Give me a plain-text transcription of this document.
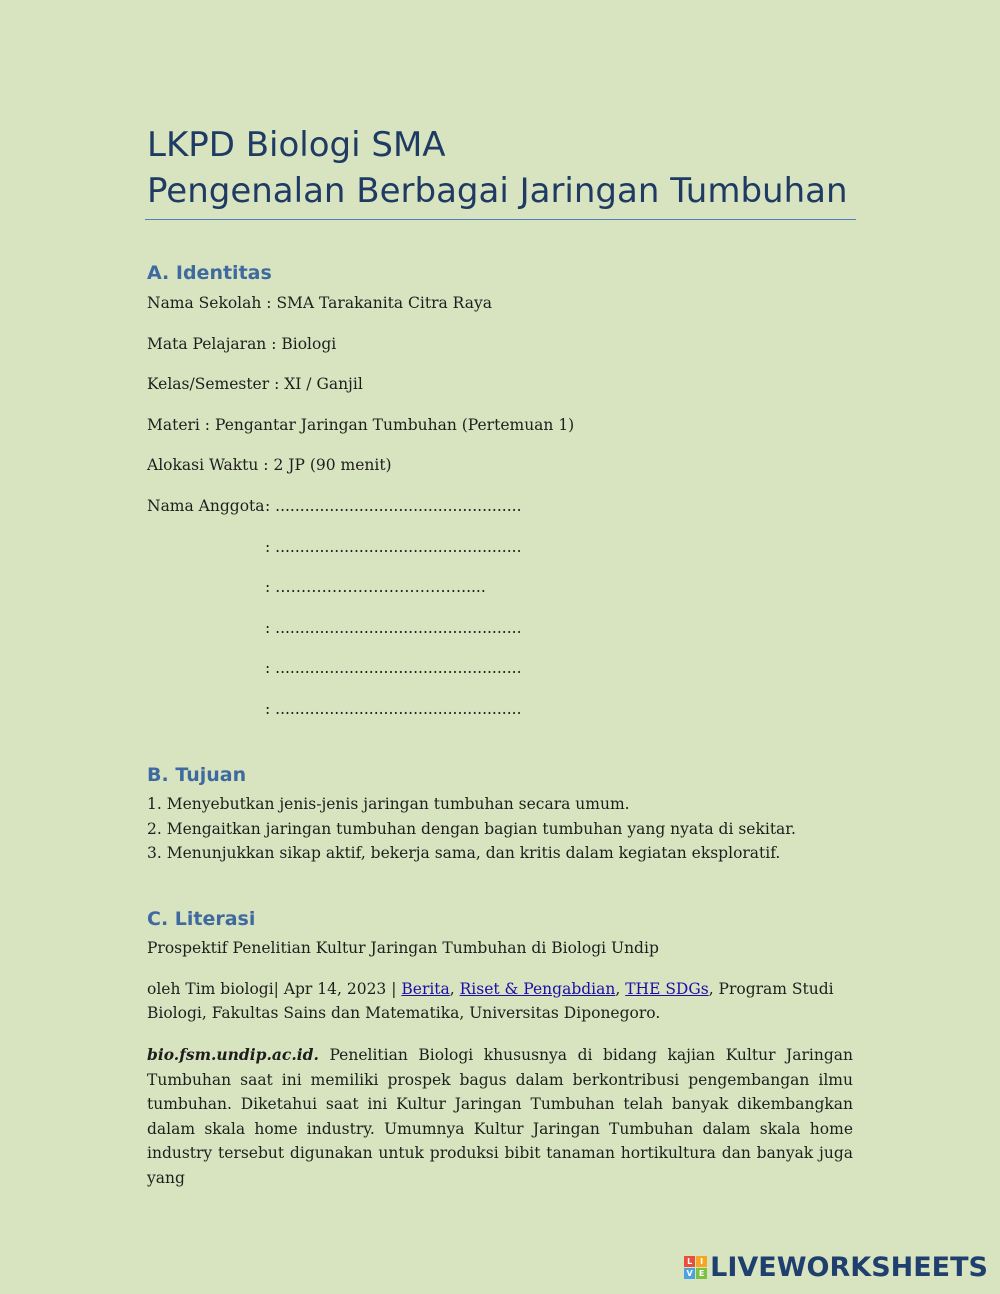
LKPD Biologi SMA
Pengenalan Berbagai Jaringan Tumbuhan
A. Identitas
Nama Sekolah : SMA Tarakanita Citra Raya
Mata Pelajaran : Biologi
Kelas/Semester : XI / Ganjil
Materi : Pengantar Jaringan Tumbuhan (Pertemuan 1)
Alokasi Waktu : 2 JP (90 menit)
Nama Anggota : ..................................................
: ..................................................
: ……………………………….....
: ..................................................
: ..................................................
: ..................................................
B. Tujuan
1. Menyebutkan jenis-jenis jaringan tumbuhan secara umum.
2. Mengaitkan jaringan tumbuhan dengan bagian tumbuhan yang nyata di sekitar.
3. Menunjukkan sikap aktif, bekerja sama, dan kritis dalam kegiatan eksploratif.
C. Literasi
Prospektif Penelitian Kultur Jaringan Tumbuhan di Biologi Undip
oleh Tim biologi| Apr 14, 2023 | Berita, Riset & Pengabdian, THE SDGs, Program Studi
Biologi, Fakultas Sains dan Matematika, Universitas Diponegoro.
bio.fsm.undip.ac.id. Penelitian Biologi khususnya di bidang kajian Kultur Jaringan Tumbuhan saat ini memiliki prospek bagus dalam berkontribusi pengembangan ilmu tumbuhan. Diketahui saat ini Kultur Jaringan Tumbuhan telah banyak dikembangkan dalam skala home industry. Umumnya Kultur Jaringan Tumbuhan dalam skala home industry tersebut digunakan untuk produksi bibit tanaman hortikultura dan banyak juga yang
L I
V E LIVEWORKSHEETS
